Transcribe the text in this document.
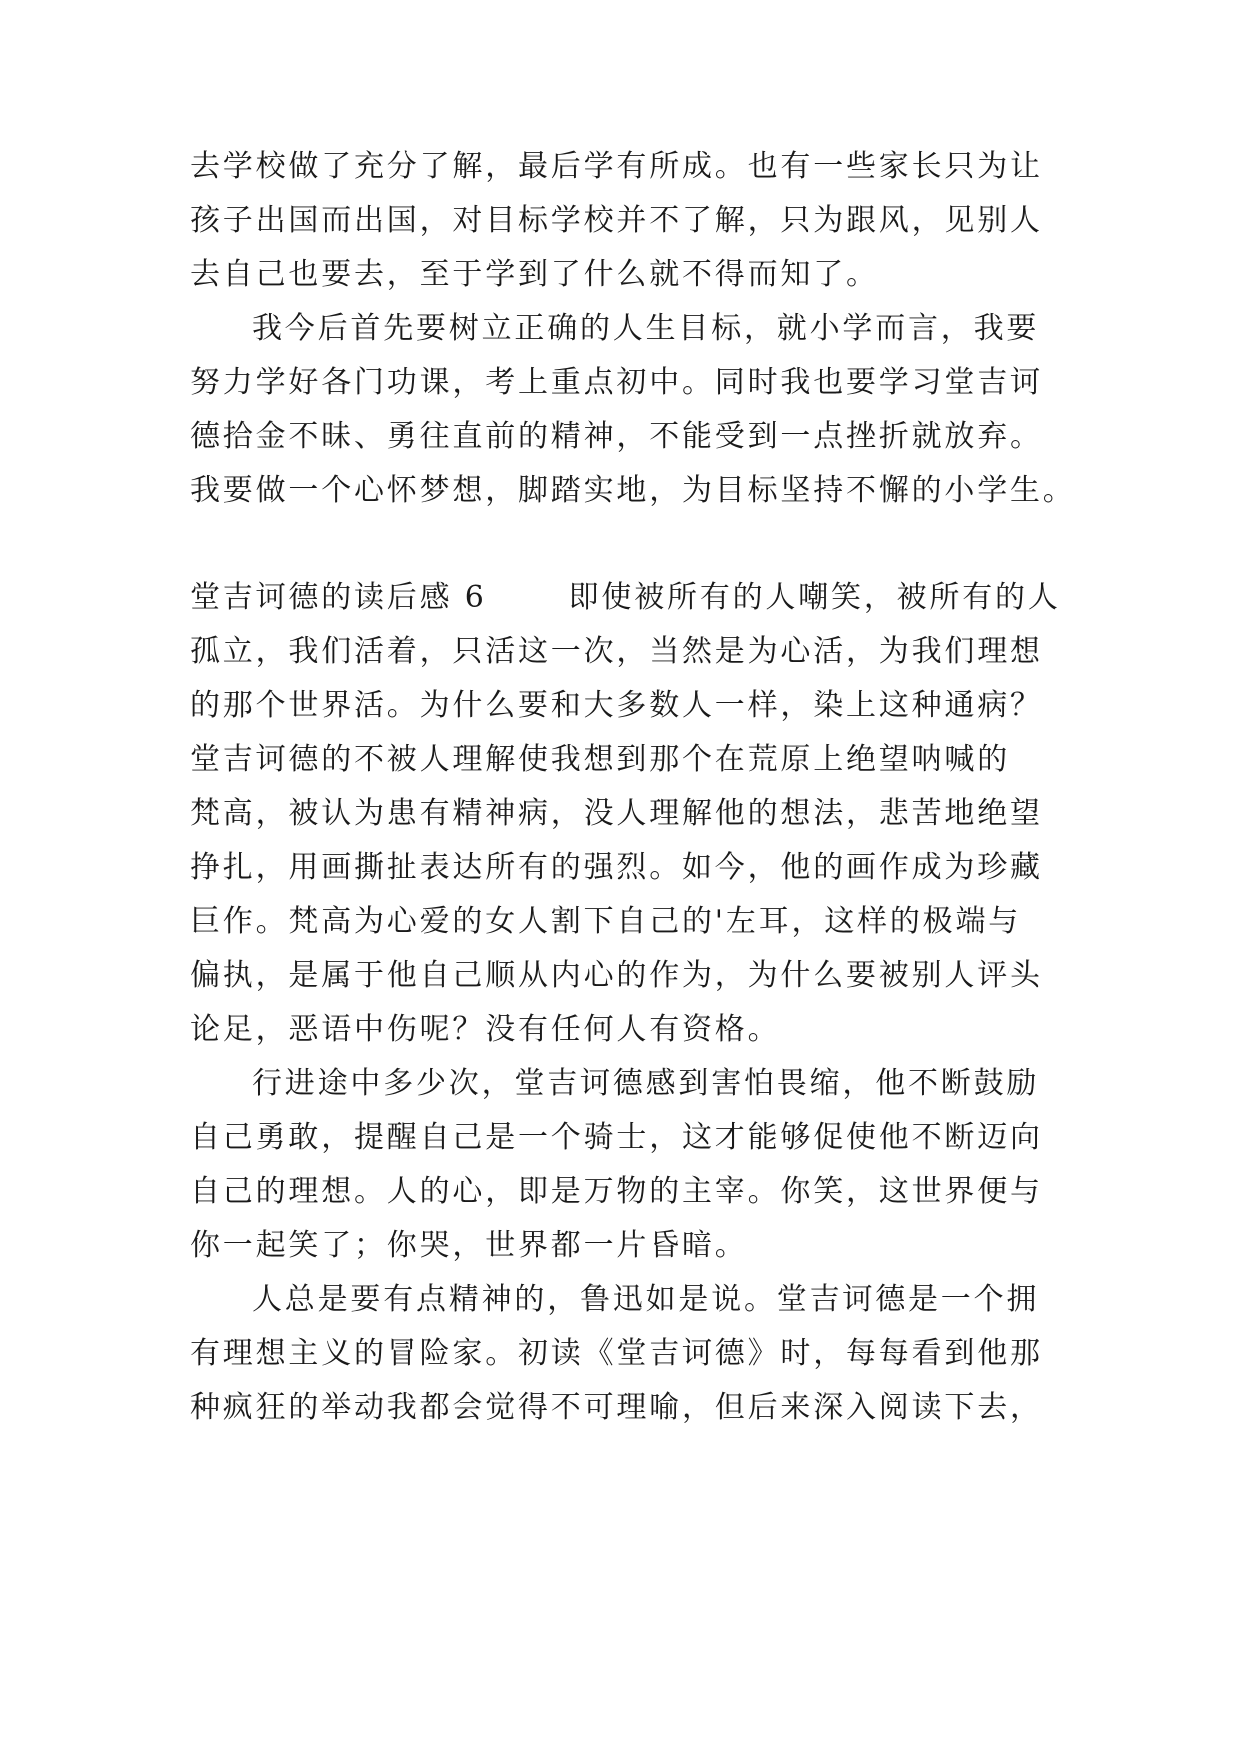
去学校做了充分了解，最后学有所成。也有一些家长只为让
孩子出国而出国，对目标学校并不了解，只为跟风，见别人
去自己也要去，至于学到了什么就不得而知了。
我今后首先要树立正确的人生目标，就小学而言，我要
努力学好各门功课，考上重点初中。同时我也要学习堂吉诃
德拾金不昧、勇往直前的精神，不能受到一点挫折就放弃。
我要做一个心怀梦想，脚踏实地，为目标坚持不懈的小学生。
堂吉诃德的读后感 6	即使被所有的人嘲笑，被所有的人
孤立，我们活着，只活这一次，当然是为心活，为我们理想
的那个世界活。为什么要和大多数人一样，染上这种通病？
堂吉诃德的不被人理解使我想到那个在荒原上绝望呐喊的
梵高，被认为患有精神病，没人理解他的想法，悲苦地绝望
挣扎，用画撕扯表达所有的强烈。如今，他的画作成为珍藏
巨作。梵高为心爱的女人割下自己的'左耳，这样的极端与
偏执，是属于他自己顺从内心的作为，为什么要被别人评头
论足，恶语中伤呢？没有任何人有资格。
行进途中多少次，堂吉诃德感到害怕畏缩，他不断鼓励
自己勇敢，提醒自己是一个骑士，这才能够促使他不断迈向
自己的理想。人的心，即是万物的主宰。你笑，这世界便与
你一起笑了；你哭，世界都一片昏暗。
人总是要有点精神的，鲁迅如是说。堂吉诃德是一个拥
有理想主义的冒险家。初读《堂吉诃德》时，每每看到他那
种疯狂的举动我都会觉得不可理喻，但后来深入阅读下去，
